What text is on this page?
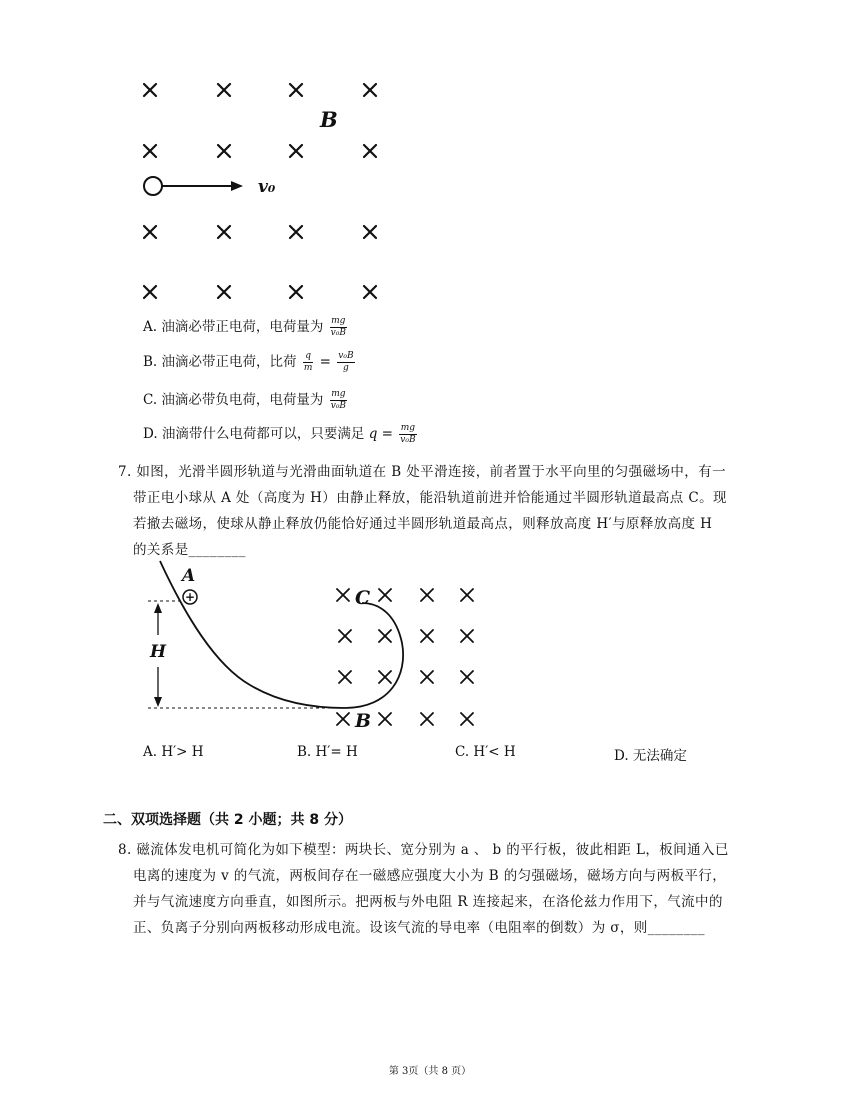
B
v₀
A. 油滴必带正电荷，电荷量为 $\frac{mg}{\text{v₀B}}$
B. 油滴必带正电荷，比荷 $\frac{q}{m} = \frac{\text{v₀B}}{g}$
C. 油滴必带负电荷，电荷量为 $\frac{mg}{\text{v₀B}}$
D. 油滴带什么电荷都可以，只要满足 $q = \frac{mg}{\text{v₀B}}$
7. 如图，光滑半圆形轨道与光滑曲面轨道在 B 处平滑连接，前者置于水平向里的匀强磁场中，有一
带正电小球从 A 处（高度为 H）由静止释放，能沿轨道前进并恰能通过半圆形轨道最高点 C。现
若撤去磁场，使球从静止释放仍能恰好通过半圆形轨道最高点，则释放高度 H′与原释放高度 H
的关系是________
+
A
H
C
B
A. H′> H	B. H′= H	C. H′< H	D. 无法确定
二、双项选择题（共 2 小题；共 8 分）
8. 磁流体发电机可简化为如下模型：两块长、宽分别为 a 、 b 的平行板，彼此相距 L，板间通入已
电离的速度为 v 的气流，两板间存在一磁感应强度大小为 B 的匀强磁场，磁场方向与两板平行，
并与气流速度方向垂直，如图所示。把两板与外电阻 R 连接起来，在洛伦兹力作用下，气流中的
正、负离子分别向两板移动形成电流。设该气流的导电率（电阻率的倒数）为 σ，则________
第 3页（共 8 页）
